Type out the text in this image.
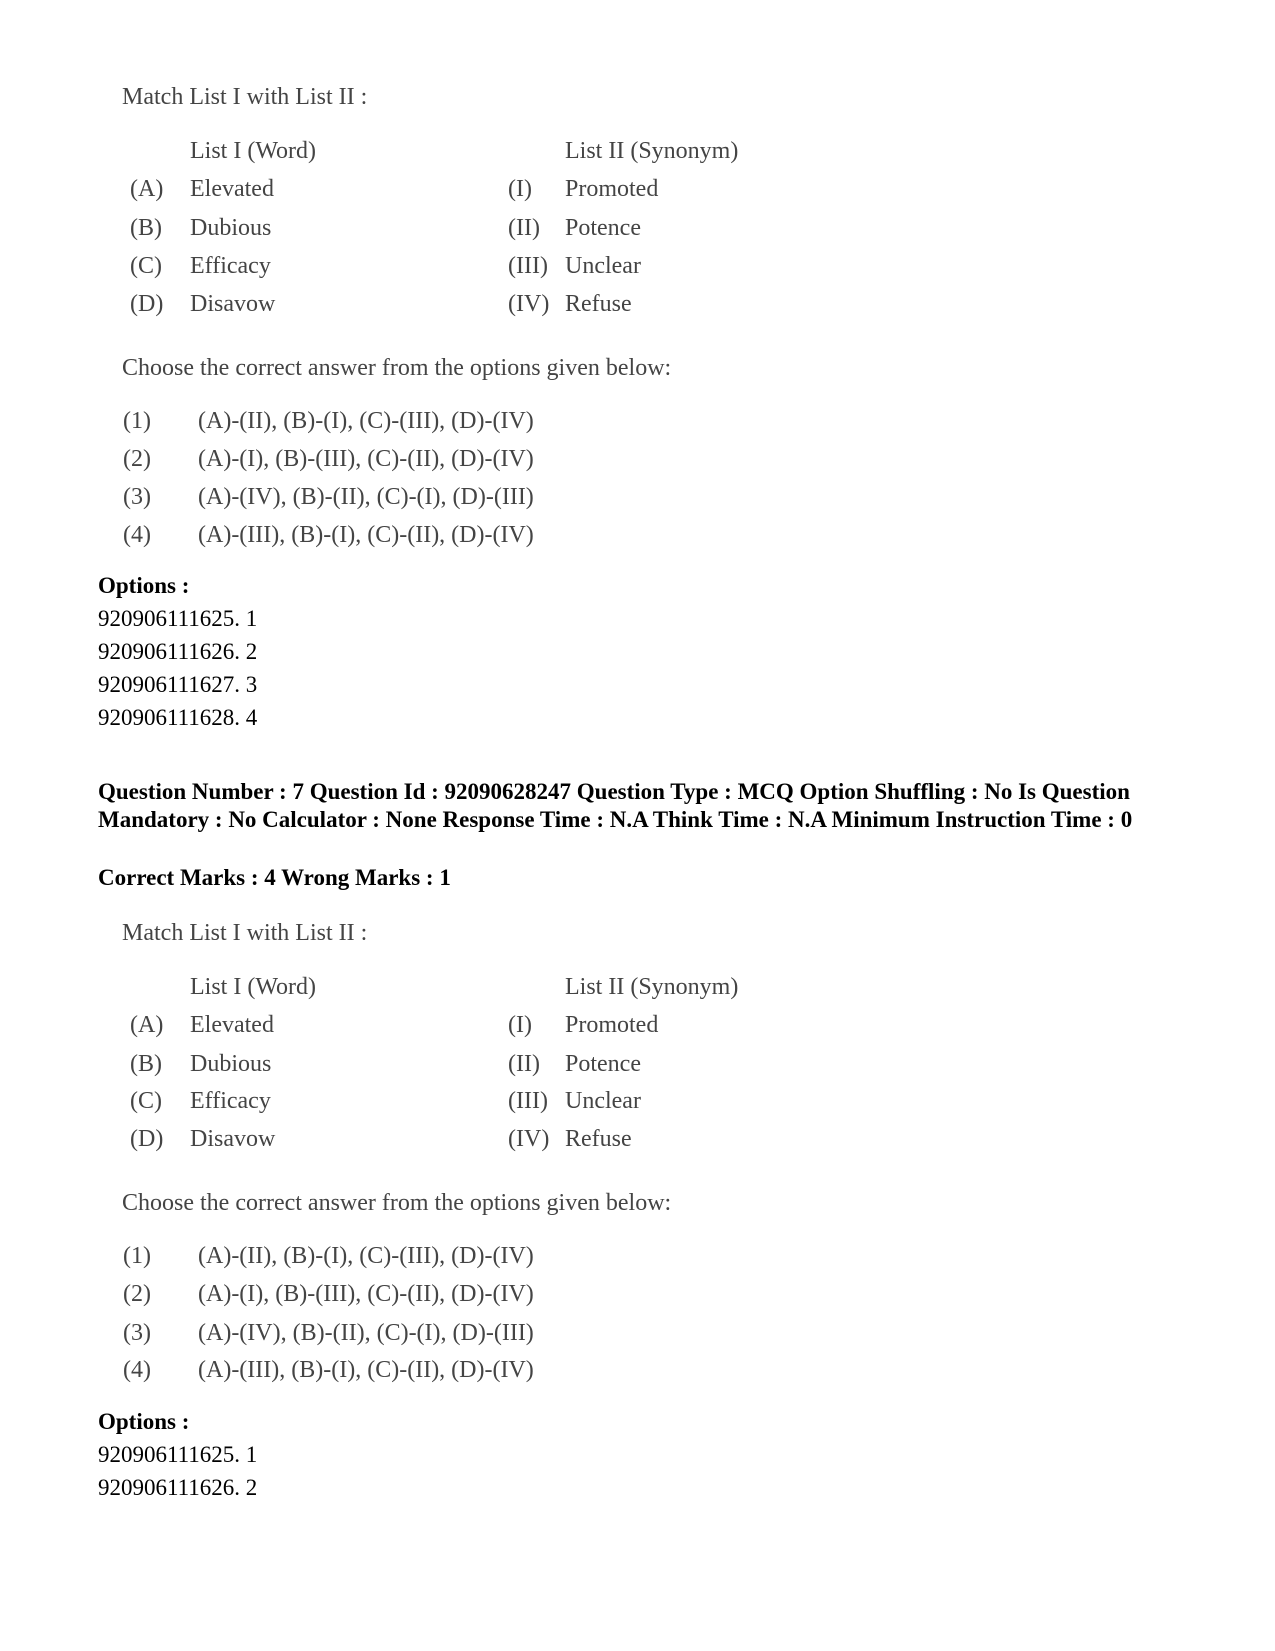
Match List I with List II :
List I (Word)	List II (Synonym)
(A) Elevated	(I) Promoted
(B) Dubious	(II) Potence
(C) Efficacy	(III) Unclear
(D) Disavow	(IV) Refuse
Choose the correct answer from the options given below:
(1) (A)-(II), (B)-(I), (C)-(III), (D)-(IV)
(2) (A)-(I), (B)-(III), (C)-(II), (D)-(IV)
(3) (A)-(IV), (B)-(II), (C)-(I), (D)-(III)
(4) (A)-(III), (B)-(I), (C)-(II), (D)-(IV)
Options :
920906111625. 1
920906111626. 2
920906111627. 3
920906111628. 4
Question Number : 7 Question Id : 92090628247 Question Type : MCQ Option Shuffling : No Is Question Mandatory : No Calculator : None Response Time : N.A Think Time : N.A Minimum Instruction Time : 0
Correct Marks : 4 Wrong Marks : 1
Match List I with List II :
List I (Word)	List II (Synonym)
(A) Elevated	(I) Promoted
(B) Dubious	(II) Potence
(C) Efficacy	(III) Unclear
(D) Disavow	(IV) Refuse
Choose the correct answer from the options given below:
(1) (A)-(II), (B)-(I), (C)-(III), (D)-(IV)
(2) (A)-(I), (B)-(III), (C)-(II), (D)-(IV)
(3) (A)-(IV), (B)-(II), (C)-(I), (D)-(III)
(4) (A)-(III), (B)-(I), (C)-(II), (D)-(IV)
Options :
920906111625. 1
920906111626. 2
